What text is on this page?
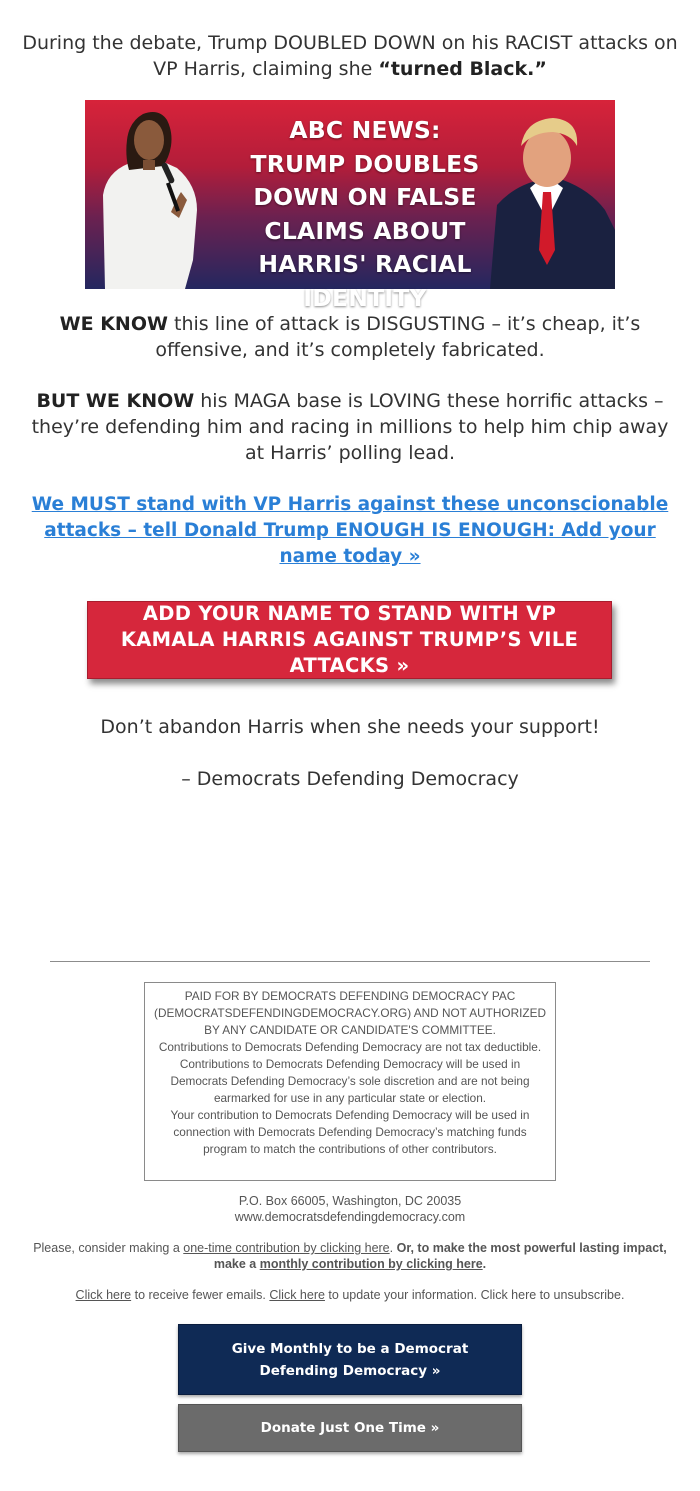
During the debate, Trump DOUBLED DOWN on his RACIST attacks on VP Harris, claiming she “turned Black.”

ABC NEWS: TRUMP DOUBLES DOWN ON FALSE CLAIMS ABOUT HARRIS' RACIAL IDENTITY

WE KNOW this line of attack is DISGUSTING – it’s cheap, it’s offensive, and it’s completely fabricated.

BUT WE KNOW his MAGA base is LOVING these horrific attacks – they’re defending him and racing in millions to help him chip away at Harris’ polling lead.

We MUST stand with VP Harris against these unconscionable attacks – tell Donald Trump ENOUGH IS ENOUGH: Add your name today »
ADD YOUR NAME TO STAND WITH VP KAMALA HARRIS AGAINST TRUMP’S VILE ATTACKS »

Don’t abandon Harris when she needs your support!

– Democrats Defending Democracy

PAID FOR BY DEMOCRATS DEFENDING DEMOCRACY PAC (DEMOCRATSDEFENDINGDEMOCRACY.ORG) AND NOT AUTHORIZED BY ANY CANDIDATE OR CANDIDATE'S COMMITTEE.
Contributions to Democrats Defending Democracy are not tax deductible.
Contributions to Democrats Defending Democracy will be used in Democrats Defending Democracy’s sole discretion and are not being earmarked for use in any particular state or election.
Your contribution to Democrats Defending Democracy will be used in connection with Democrats Defending Democracy’s matching funds program to match the contributions of other contributors.
P.O. Box 66005, Washington, DC 20035
www.democratsdefendingdemocracy.com
Please, consider making a one-time contribution by clicking here. Or, to make the most powerful lasting impact, make a monthly contribution by clicking here.
Click here to receive fewer emails. Click here to update your information. Click here to unsubscribe.
Give Monthly to be a Democrat Defending Democracy »
Donate Just One Time »
